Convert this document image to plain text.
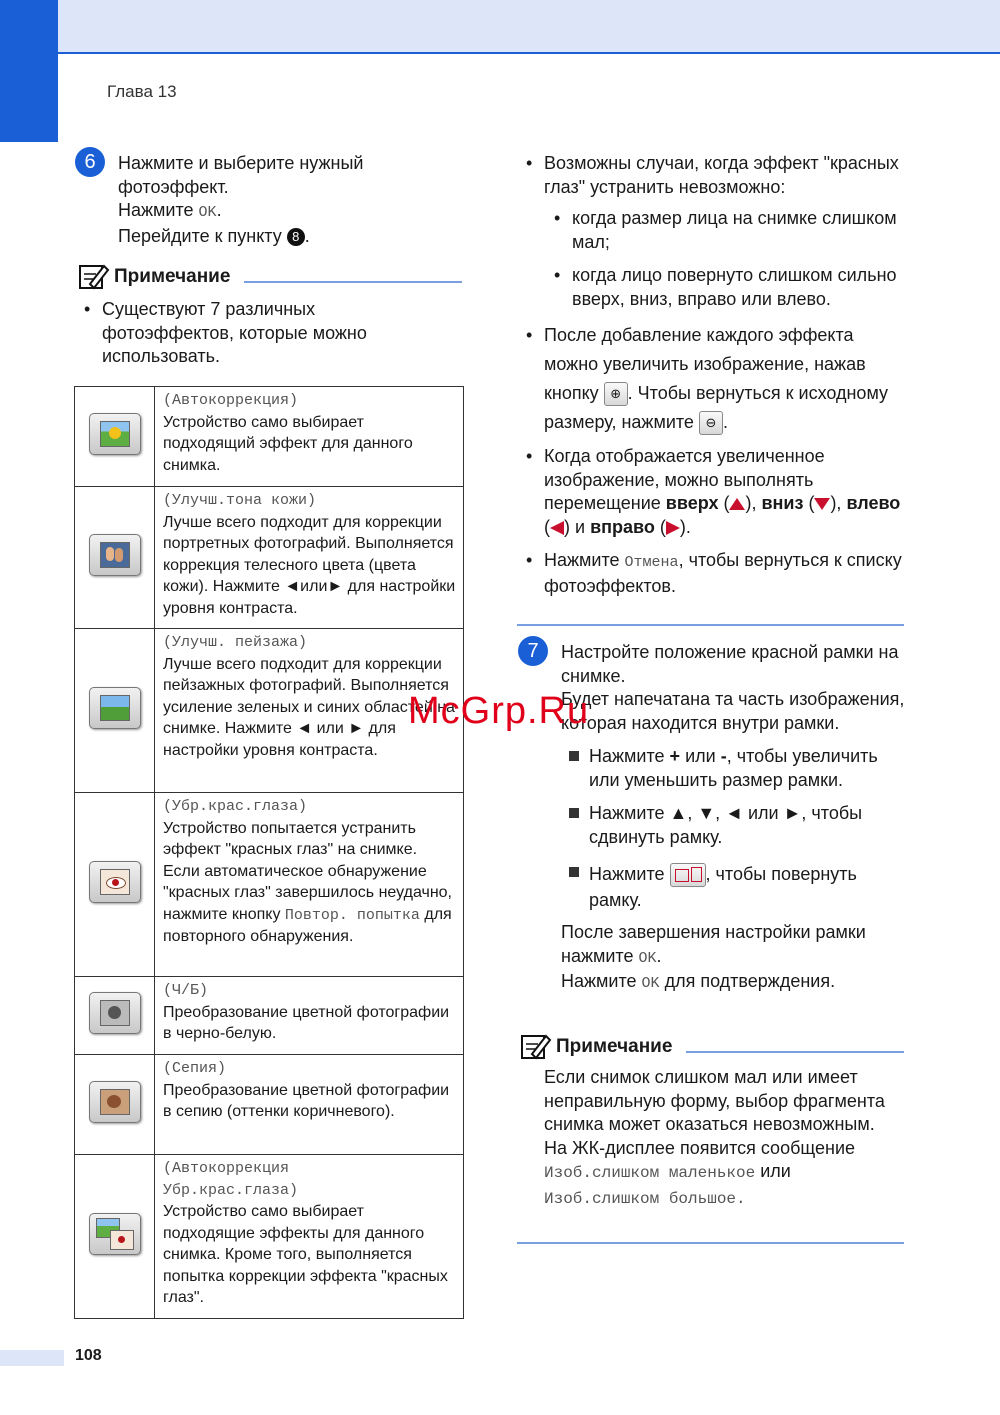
Глава 13
6	Нажмите и выберите нужный
фотоэффект.
Нажмите OK.
Перейдите к пункту 8 .
Примечание
• Существуют 7 различных фотоэффектов, которые можно использовать.

	(Автокоррекция)
Устройство само выбирает подходящий эффект для данного снимка.

	(Улучш.тона кожи)
Лучше всего подходит для коррекции портретных фотографий. Выполняется коррекция телесного цвета (цвета кожи). Нажмите ◄или► для настройки уровня контраста.

	(Улучш. пейзажа)
Лучше всего подходит для коррекции пейзажных фотографий. Выполняется усиление зеленых и синих областей на снимке. Нажмите ◄ или ► для настройки уровня контраста.

	(Убр.крас.глаза)
Устройство попытается устранить эффект "красных глаз" на снимке. Если автоматическое обнаружение "красных глаз" завершилось неудачно, нажмите кнопку Повтор. попытка для повторного обнаружения.

	(Ч/Б)
Преобразование цветной фотографии в черно-белую.

	(Сепия)
Преобразование цветной фотографии в сепию (оттенки коричневого).

	(Автокоррекция
Убр.крас.глаза)
Устройство само выбирает подходящие эффекты для данного снимка. Кроме того, выполняется попытка коррекции эффекта "красных глаз".
• Возможны случаи, когда эффект "красных глаз" устранить невозможно:
• когда размер лица на снимке слишком мал;
• когда лицо повернуто слишком сильно вверх, вниз, вправо или влево.
• После добавление каждого эффекта можно увеличить изображение, нажав кнопку ⊕ . Чтобы вернуться к исходному размеру, нажмите ⊖ .
• Когда отображается увеличенное изображение, можно выполнять перемещение вверх ( ), вниз ( ), влево ( ) и вправо ( ).
• Нажмите Отмена, чтобы вернуться к списку фотоэффектов.
7	Настройте положение красной рамки на снимке.
Будет напечатана та часть изображения, которая находится внутри рамки.
Нажмите + или -, чтобы увеличить или уменьшить размер рамки.
Нажмите ▲, ▼, ◄ или ►, чтобы сдвинуть рамку.
Нажмите
, чтобы повернуть рамку.
После завершения настройки рамки
нажмите OK.
Нажмите OK для подтверждения.
Примечание
Если снимок слишком мал или имеет неправильную форму, выбор фрагмента снимка может оказаться невозможным. На ЖК-дисплее появится сообщение
Изоб.слишком маленькое или
Изоб.слишком большое.
McGrp.Ru
108
